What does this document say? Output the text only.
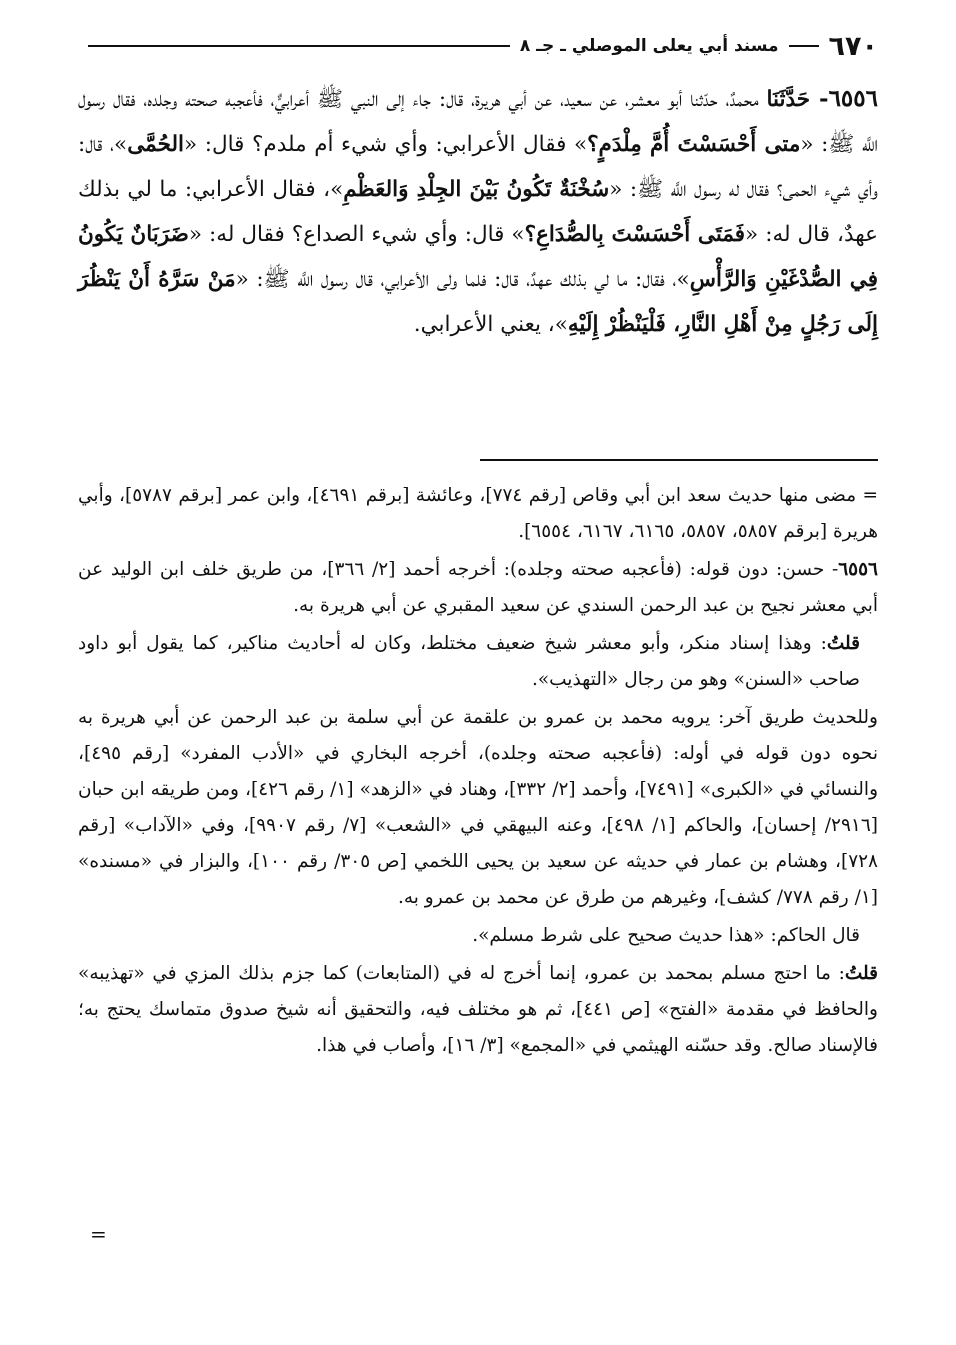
٦٧٠
مسند أبي يعلى الموصلي ـ جـ ٨

٦٥٥٦- حَدَّثَنَا محمدٌ، حدّثنا أبو معشر، عن سعيد، عن أبي هريرة، قال: جاء إلى النبي ﷺ أعرابيٌّ، فأعجبه صحته وجلده، فقال رسول اللَّه ﷺ: «متى أَحْسَسْتَ أُمَّ مِلْدَمٍ؟» فقال الأعرابي: وأي شيء أم ملدم؟ قال: «الحُمَّى»، قال: وأي شيء الحمى؟ فقال له رسول اللَّه ﷺ: «سُخْنَةٌ تَكُونُ بَيْنَ الجِلْدِ وَالعَظْمِ»، فقال الأعرابي: ما لي بذلك عهدٌ، قال له: «فَمَتَى أَحْسَسْتَ بِالصُّدَاعِ؟» قال: وأي شيء الصداع؟ فقال له: «ضَرَبَانٌ يَكُونُ فِي الصُّدْغَيْنِ وَالرَّأْسِ»، فقال: ما لي بذلك عهدٌ، قال: فلما ولى الأعرابي، قال رسول اللَّه ﷺ: «مَنْ سَرَّهُ أَنْ يَنْظُرَ إِلَى رَجُلٍ مِنْ أَهْلِ النَّارِ، فَلْيَنْظُرْ إِلَيْهِ»، يعني الأعرابي.

= مضى منها حديث سعد ابن أبي وقاص [رقم ٧٧٤]، وعائشة [برقم ٤٦٩١]، وابن عمر [برقم ٥٧٨٧]، وأبي هريرة [برقم ٥٨٥٧، ٥٨٥٧، ٦١٦٥، ٦١٦٧، ٦٥٥٤].

٦٥٥٦- حسن: دون قوله: (فأعجبه صحته وجلده): أخرجه أحمد [٢/ ٣٦٦]، من طريق خلف ابن الوليد عن أبي معشر نجيح بن عبد الرحمن السندي عن سعيد المقبري عن أبي هريرة به.

قلتُ: وهذا إسناد منكر، وأبو معشر شيخ ضعيف مختلط، وكان له أحاديث مناكير، كما يقول أبو داود صاحب «السنن» وهو من رجال «التهذيب».

وللحديث طريق آخر: يرويه محمد بن عمرو بن علقمة عن أبي سلمة بن عبد الرحمن عن أبي هريرة به نحوه دون قوله في أوله: (فأعجبه صحته وجلده)، أخرجه البخاري في «الأدب المفرد» [رقم ٤٩٥]، والنسائي في «الكبرى» [٧٤٩١]، وأحمد [٢/ ٣٣٢]، وهناد في «الزهد» [١/ رقم ٤٢٦]، ومن طريقه ابن حبان [٢٩١٦/ إحسان]، والحاكم [١/ ٤٩٨]، وعنه البيهقي في «الشعب» [٧/ رقم ٩٩٠٧]، وفي «الآداب» [رقم ٧٢٨]، وهشام بن عمار في حديثه عن سعيد بن يحيى اللخمي [ص ٣٠٥/ رقم ١٠٠]، والبزار في «مسنده» [١/ رقم ٧٧٨/ كشف]، وغيرهم من طرق عن محمد بن عمرو به.

قال الحاكم: «هذا حديث صحيح على شرط مسلم».

قلتُ: ما احتج مسلم بمحمد بن عمرو، إنما أخرج له في (المتابعات) كما جزم بذلك المزي في «تهذيبه» والحافظ في مقدمة «الفتح» [ص ٤٤١]، ثم هو مختلف فيه، والتحقيق أنه شيخ صدوق متماسك يحتج به؛ فالإسناد صالح. وقد حسّنه الهيثمي في «المجمع» [٣/ ١٦]، وأصاب في هذا.

=
